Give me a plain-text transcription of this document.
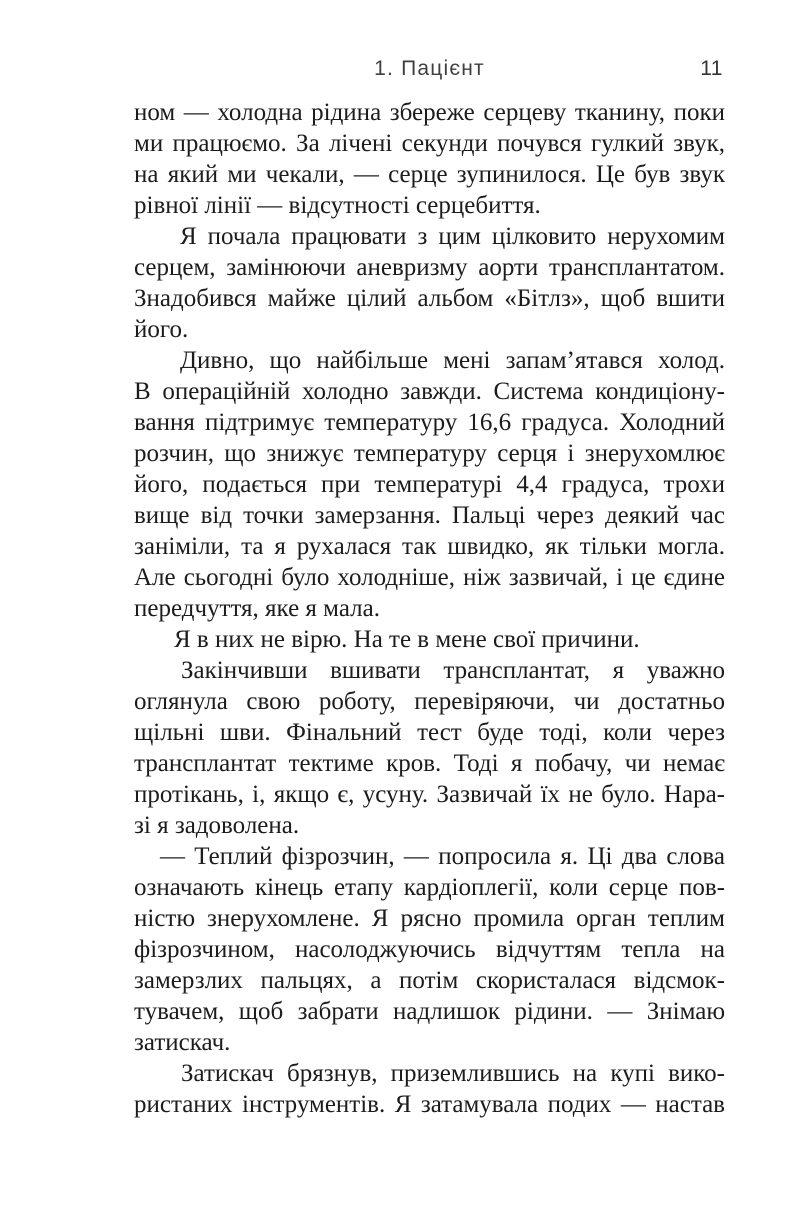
1. Пацієнт	11
ном — холодна рідина збереже серцеву тканину, поки
ми працюємо. За лічені секунди почувся гулкий звук,
на який ми чекали, — серце зупинилося. Це був звук
рівної лінії — відсутності серцебиття.
Я почала працювати з цим цілковито нерухомим
серцем, замінюючи аневризму аорти трансплантатом.
Знадобився майже цілий альбом «Бітлз», щоб вшити
його.
Дивно, що найбільше мені запам’ятався холод.
В операційній холодно завжди. Система кондиціону-
вання підтримує температуру 16,6 градуса. Холодний
розчин, що знижує температуру серця і знерухомлює
його, подається при температурі 4,4 градуса, трохи
вище від точки замерзання. Пальці через деякий час
заніміли, та я рухалася так швидко, як тільки могла.
Але сьогодні було холодніше, ніж зазвичай, і це єдине
передчуття, яке я мала.
Я в них не вірю. На те в мене свої причини.
Закінчивши вшивати трансплантат, я уважно
оглянула свою роботу, перевіряючи, чи достатньо
щільні шви. Фінальний тест буде тоді, коли через
трансплантат тектиме кров. Тоді я побачу, чи немає
протікань, і, якщо є, усуну. Зазвичай їх не було. Нара-
зі я задоволена.
— Теплий фізрозчин, — попросила я. Ці два слова
означають кінець етапу кардіоплегії, коли серце пов-
ністю знерухомлене. Я рясно промила орган теплим
фізрозчином, насолоджуючись відчуттям тепла на
замерзлих пальцях, а потім скористалася відсмок-
тувачем, щоб забрати надлишок рідини. — Знімаю
затискач.
Затискач брязнув, приземлившись на купі вико-
ристаних інструментів. Я затамувала подих — настав
